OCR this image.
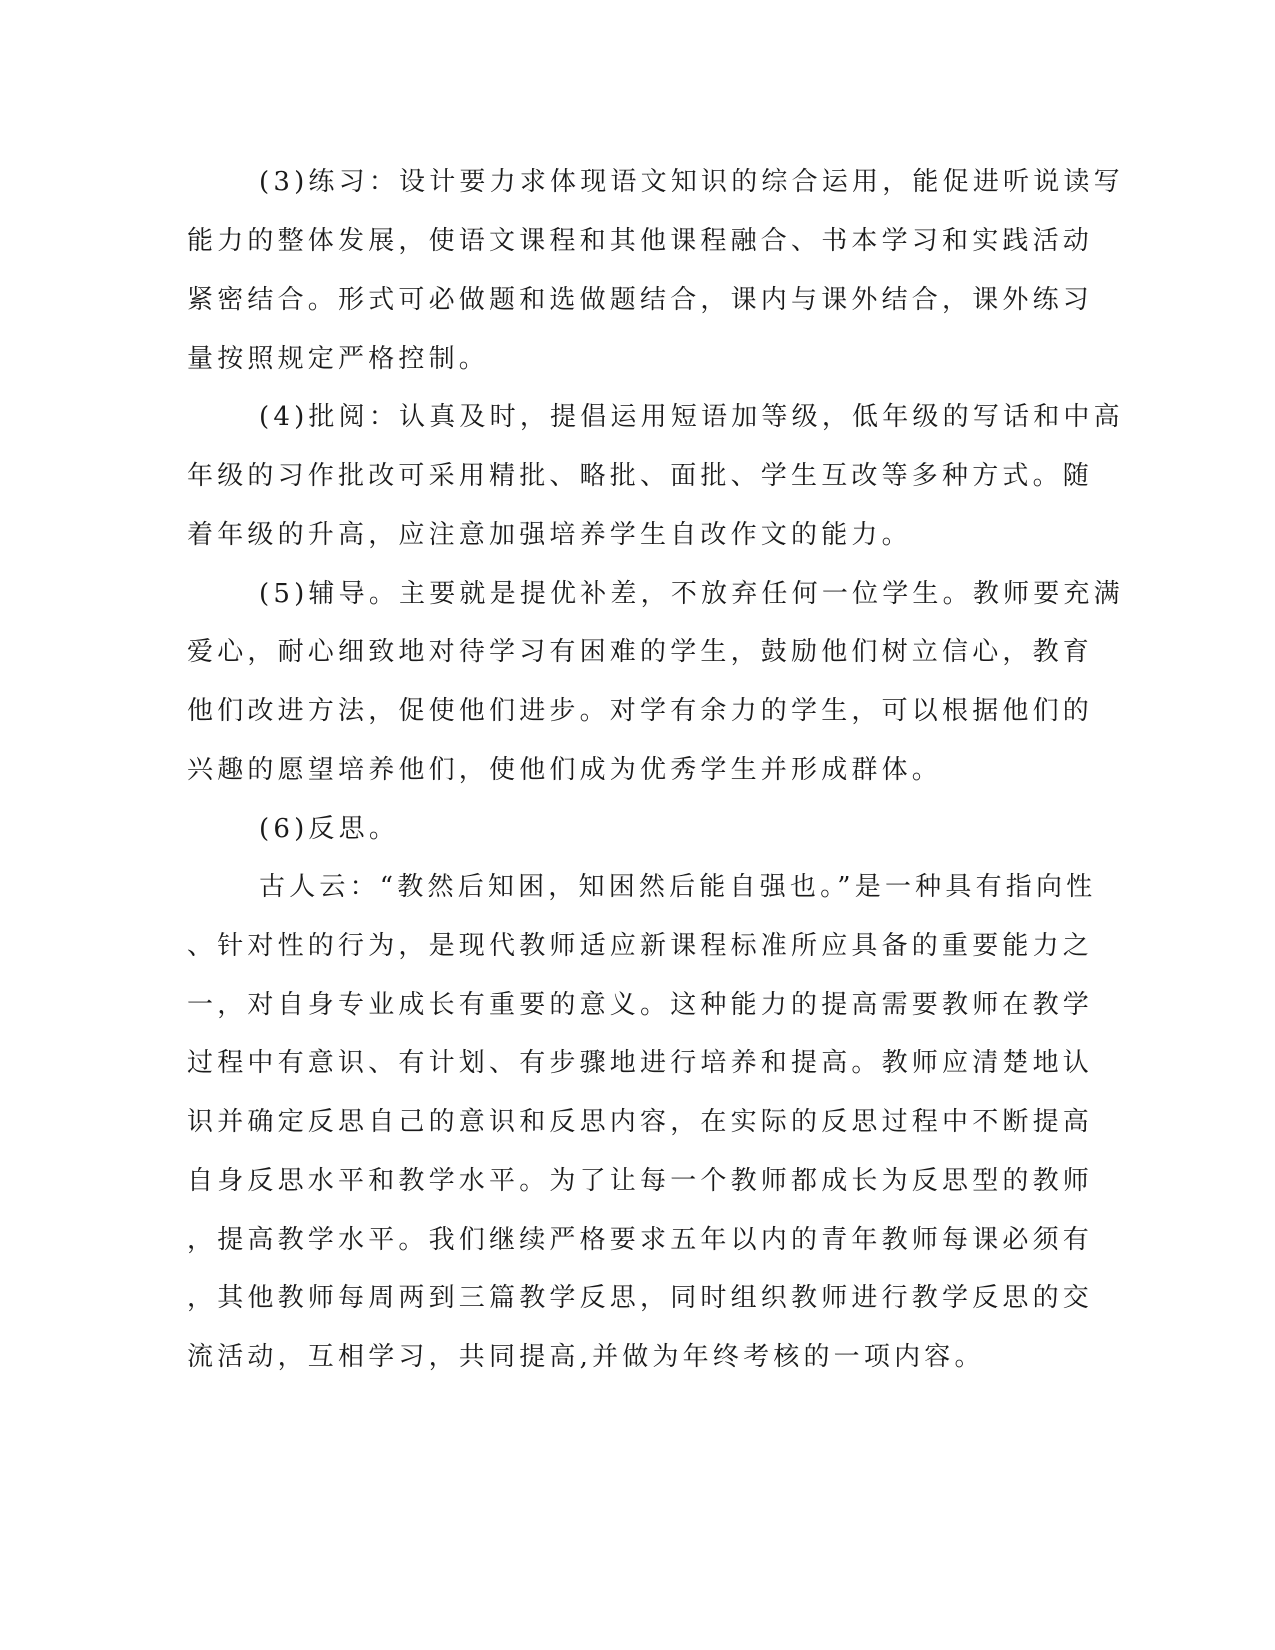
(3)练习：设计要力求体现语文知识的综合运用，能促进听说读写
能力的整体发展，使语文课程和其他课程融合、书本学习和实践活动
紧密结合。形式可必做题和选做题结合，课内与课外结合，课外练习
量按照规定严格控制。
(4)批阅：认真及时，提倡运用短语加等级，低年级的写话和中高
年级的习作批改可采用精批、略批、面批、学生互改等多种方式。随
着年级的升高，应注意加强培养学生自改作文的能力。
(5)辅导。主要就是提优补差，不放弃任何一位学生。教师要充满
爱心，耐心细致地对待学习有困难的学生，鼓励他们树立信心，教育
他们改进方法，促使他们进步。对学有余力的学生，可以根据他们的
兴趣的愿望培养他们，使他们成为优秀学生并形成群体。
(6)反思。
古人云：“教然后知困，知困然后能自强也。”是一种具有指向性
、针对性的行为，是现代教师适应新课程标准所应具备的重要能力之
一，对自身专业成长有重要的意义。这种能力的提高需要教师在教学
过程中有意识、有计划、有步骤地进行培养和提高。教师应清楚地认
识并确定反思自己的意识和反思内容，在实际的反思过程中不断提高
自身反思水平和教学水平。为了让每一个教师都成长为反思型的教师
，提高教学水平。我们继续严格要求五年以内的青年教师每课必须有
，其他教师每周两到三篇教学反思，同时组织教师进行教学反思的交
流活动，互相学习，共同提高,并做为年终考核的一项内容。
